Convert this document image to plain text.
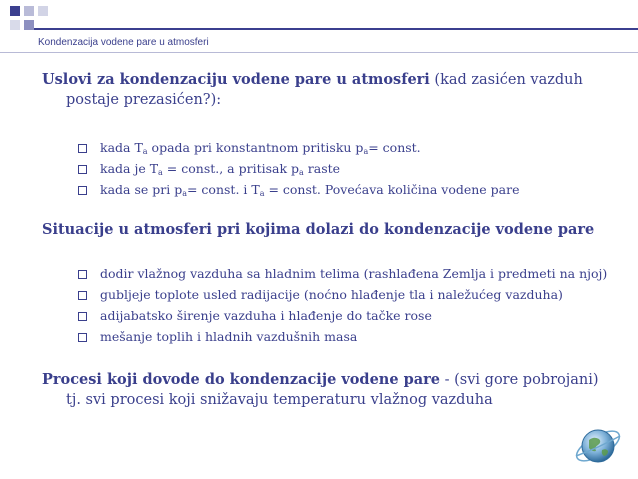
Kondenzacija vodene pare u atmosferi
Uslovi za kondenzaciju vodene pare u atmosferi (kad zasićen vazduh
postaje prezasićen?):
kada $T_a$ opada pri konstantnom pritisku $p_a=$ const.
kada je $T_a$ = const., a pritisak $p_a$ raste
kada se pri $p_a=$ const. i $T_a$ = const. Povećava količina vodene pare
Situacije u atmosferi pri kojima dolazi do kondenzacije vodene pare
dodir vlažnog vazduha sa hladnim telima (rashlađena Zemlja i predmeti na njoj)
gubljeje toplote usled radijacije (noćno hlađenje tla i naležućeg vazduha)
adijabatsko širenje vazduha i hlađenje do tačke rose
mešanje toplih i hladnih vazdušnih masa
Procesi koji dovode do kondenzacije vodene pare - (svi gore pobrojani)
tj. svi procesi koji snižavaju temperaturu vlažnog vazduha
